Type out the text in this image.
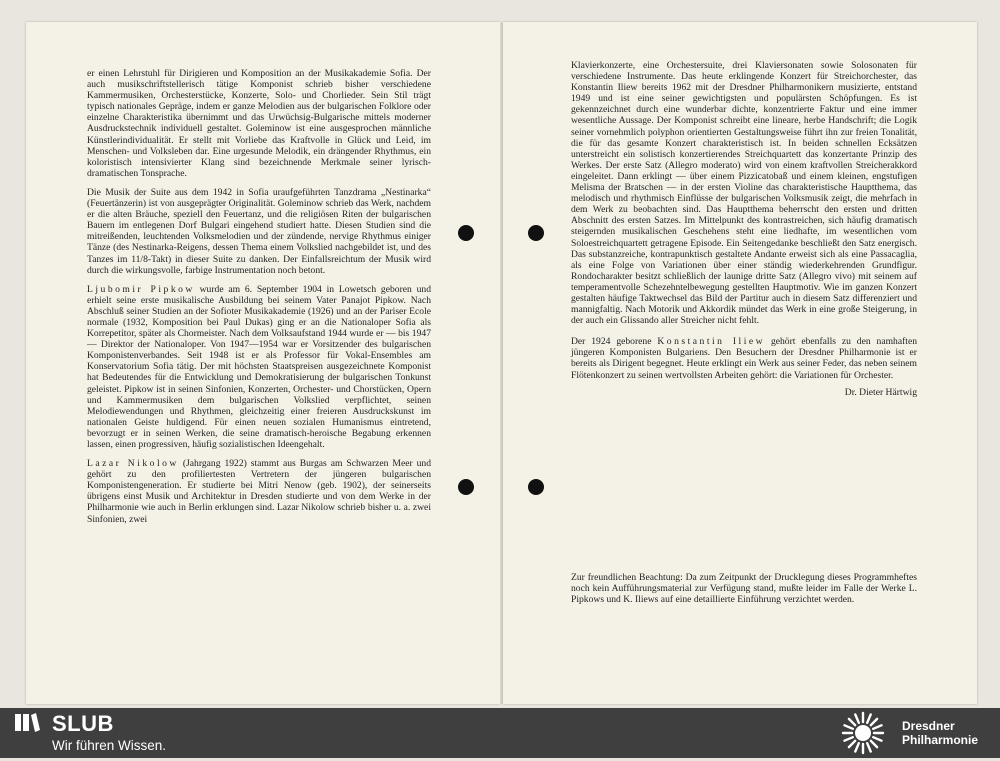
er einen Lehrstuhl für Dirigieren und Komposition an der Musikakademie Sofia. Der auch musikschriftstellerisch tätige Komponist schrieb bisher verschiedene Kammermusiken, Orchesterstücke, Konzerte, Solo- und Chorlieder. Sein Stil trägt typisch nationales Gepräge, indem er ganze Melodien aus der bulgarischen Folklore oder einzelne Charakteristika übernimmt und das Urwüchsig-Bulgarische mittels moderner Ausdruckstechnik individuell gestaltet. Goleminow ist eine ausgesprochen männliche Künstlerindividualität. Er stellt mit Vorliebe das Kraftvolle in Glück und Leid, im Menschen- und Volksleben dar. Eine urgesunde Melodik, ein drängender Rhythmus, ein koloristisch intensivierter Klang sind bezeichnende Merkmale seiner lyrisch-dramatischen Tonsprache.

Die Musik der Suite aus dem 1942 in Sofia uraufgeführten Tanzdrama „Nestinarka“ (Feuertänzerin) ist von ausgeprägter Originalität. Goleminow schrieb das Werk, nachdem er die alten Bräuche, speziell den Feuertanz, und die religiösen Riten der bulgarischen Bauern im entlegenen Dorf Bulgari eingehend studiert hatte. Diesen Studien sind die mitreißenden, leuchtenden Volksmelodien und der zündende, nervige Rhythmus einiger Tänze (des Nestinarka-Reigens, dessen Thema einem Volkslied nachgebildet ist, und des Tanzes im 11/8-Takt) in dieser Suite zu danken. Der Einfallsreichtum der Musik wird durch die wirkungsvolle, farbige Instrumentation noch betont.

Ljubomir Pipkow wurde am 6. September 1904 in Lowetsch geboren und erhielt seine erste musikalische Ausbildung bei seinem Vater Panajot Pipkow. Nach Abschluß seiner Studien an der Sofioter Musikakademie (1926) und an der Pariser Ecole normale (1932, Komposition bei Paul Dukas) ging er an die Nationaloper Sofia als Korrepetitor, später als Chormeister. Nach dem Volksaufstand 1944 wurde er — bis 1947 — Direktor der Nationaloper. Von 1947—1954 war er Vorsitzender des bulgarischen Komponistenverbandes. Seit 1948 ist er als Professor für Vokal-Ensembles am Konservatorium Sofia tätig. Der mit höchsten Staatspreisen ausgezeichnete Komponist hat Bedeutendes für die Entwicklung und Demokratisierung der bulgarischen Tonkunst geleistet. Pipkow ist in seinen Sinfonien, Konzerten, Orchester- und Chorstücken, Opern und Kammermusiken dem bulgarischen Volkslied verpflichtet, seinen Melodiewendungen und Rhythmen, gleichzeitig einer freieren Ausdruckskunst im nationalen Geiste huldigend. Für einen neuen sozialen Humanismus eintretend, bevorzugt er in seinen Werken, die seine dramatisch-heroische Begabung erkennen lassen, einen progressiven, häufig sozialistischen Ideengehalt.

Lazar Nikolow (Jahrgang 1922) stammt aus Burgas am Schwarzen Meer und gehört zu den profiliertesten Vertretern der jüngeren bulgarischen Komponistengeneration. Er studierte bei Mitri Nenow (geb. 1902), der seinerseits übrigens einst Musik und Architektur in Dresden studierte und von dem Werke in der Philharmonie wie auch in Berlin erklungen sind. Lazar Nikolow schrieb bisher u. a. zwei Sinfonien, zwei

Klavierkonzerte, eine Orchestersuite, drei Klaviersonaten sowie Solosonaten für verschiedene Instrumente. Das heute erklingende Konzert für Streichorchester, das Konstantin Iliew bereits 1962 mit der Dresdner Philharmonikern musizierte, entstand 1949 und ist eine seiner gewichtigsten und populärsten Schöpfungen. Es ist gekennzeichnet durch eine wunderbar dichte, konzentrierte Faktur und eine immer wesentliche Aussage. Der Komponist schreibt eine lineare, herbe Handschrift; die Logik seiner vornehmlich polyphon orientierten Gestaltungsweise führt ihn zur freien Tonalität, die für das gesamte Konzert charakteristisch ist. In beiden schnellen Ecksätzen unterstreicht ein solistisch konzertierendes Streichquartett das konzertante Prinzip des Werkes. Der erste Satz (Allegro moderato) wird von einem kraftvollen Streicherakkord eingeleitet. Dann erklingt — über einem Pizzicatobaß und einem kleinen, engstufigen Melisma der Bratschen — in der ersten Violine das charakteristische Hauptthema, das melodisch und rhythmisch Einflüsse der bulgarischen Volksmusik zeigt, die mehrfach in dem Werk zu beobachten sind. Das Hauptthema beherrscht den ersten und dritten Abschnitt des ersten Satzes. Im Mittelpunkt des kontrastreichen, sich häufig dramatisch steigernden musikalischen Geschehens steht eine liedhafte, im wesentlichen vom Soloestreichquartett getragene Episode. Ein Seitengedanke beschließt den Satz energisch. Das substanzreiche, kontrapunktisch gestaltete Andante erweist sich als eine Passacaglia, als eine Folge von Variationen über einer ständig wiederkehrenden Grundfigur. Rondocharakter besitzt schließlich der launige dritte Satz (Allegro vivo) mit seinem auf temperamentvolle Schezehntelbewegung gestellten Hauptmotiv. Wie im ganzen Konzert gestalten häufige Taktwechsel das Bild der Partitur auch in diesem Satz differenziert und mannigfaltig. Nach Motorik und Akkordik mündet das Werk in eine große Steigerung, in der auch ein Glissando aller Streicher nicht fehlt.

Der 1924 geborene Konstantin Iliew gehört ebenfalls zu den namhaften jüngeren Komponisten Bulgariens. Den Besuchern der Dresdner Philharmonie ist er bereits als Dirigent begegnet. Heute erklingt ein Werk aus seiner Feder, das neben seinem Flötenkonzert zu seinen wertvollsten Arbeiten gehört: die Variationen für Orchester.

Dr. Dieter Härtwig

Zur freundlichen Beachtung: Da zum Zeitpunkt der Drucklegung dieses Programmheftes noch kein Aufführungsmaterial zur Verfügung stand, mußte leider im Falle der Werke L. Pipkows und K. Iliews auf eine detaillierte Einführung verzichtet werden.

SLUB
Wir führen Wissen.
Dresdner
Philharmonie
